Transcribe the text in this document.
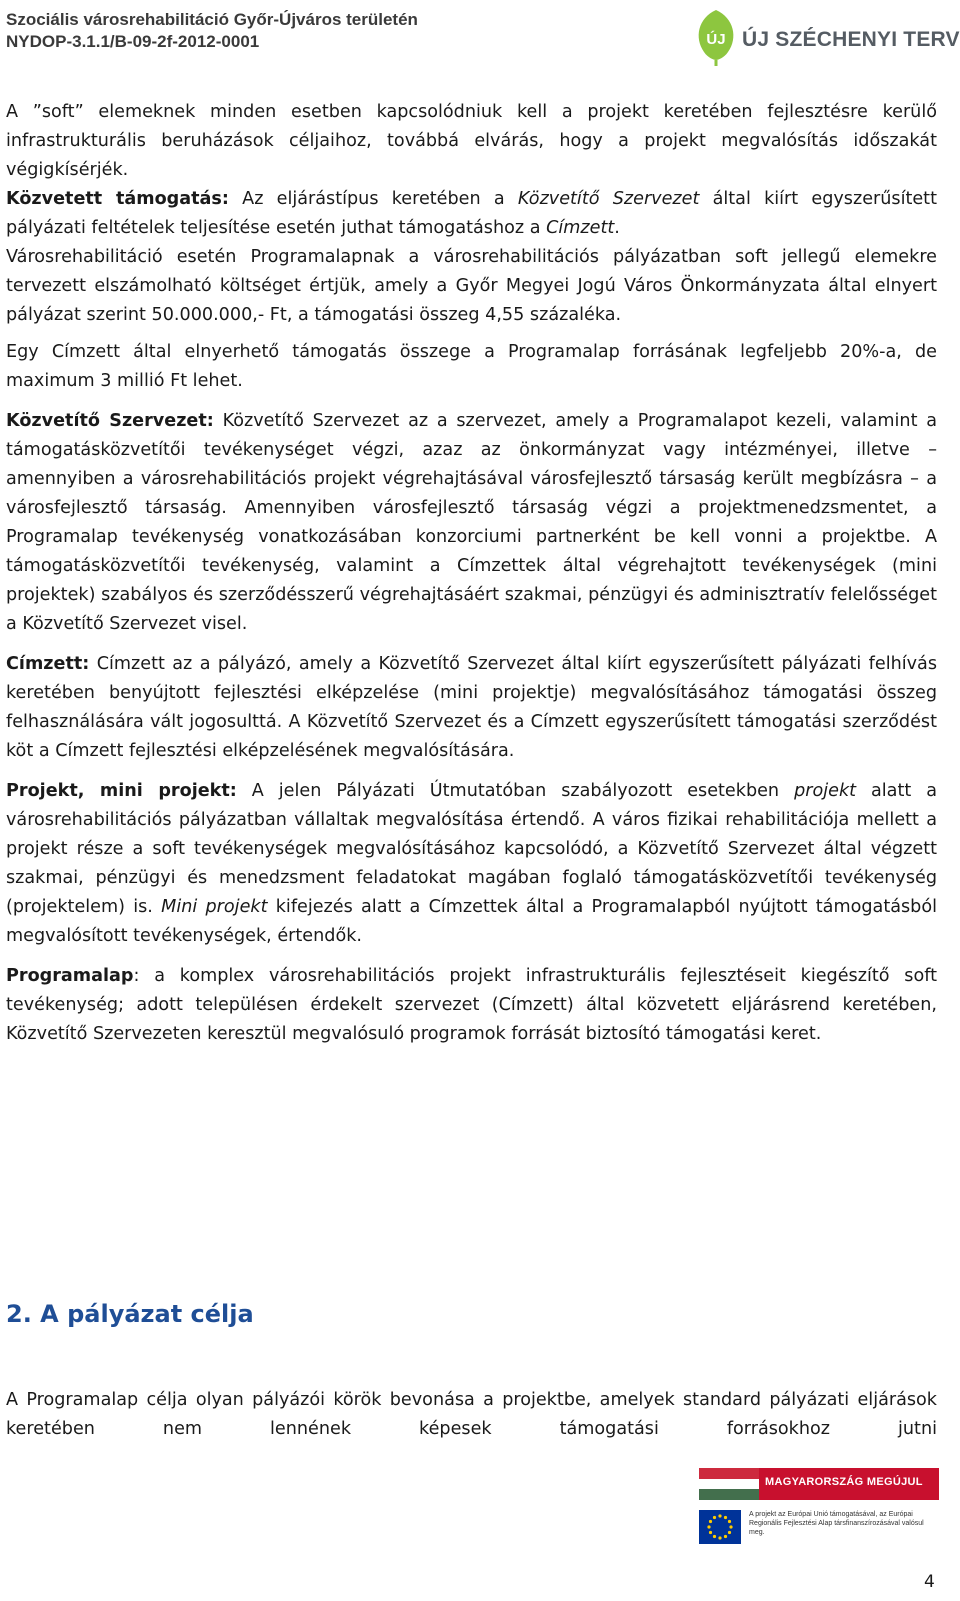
Szociális városrehabilitáció Győr-Újváros területén
NYDOP-3.1.1/B-09-2f-2012-0001	ÚJ ÚJ SZÉCHENYI TERV

A ”soft” elemeknek minden esetben kapcsolódniuk kell a projekt keretében fejlesztésre kerülő infrastrukturális beruházások céljaihoz, továbbá elvárás, hogy a projekt megvalósítás időszakát végigkísérjék.

Közvetett támogatás: Az eljárástípus keretében a Közvetítő Szervezet által kiírt egyszerűsített pályázati feltételek teljesítése esetén juthat támogatáshoz a Címzett.

Városrehabilitáció esetén Programalapnak a városrehabilitációs pályázatban soft jellegű elemekre tervezett elszámolható költséget értjük, amely a Győr Megyei Jogú Város Önkormányzata által elnyert pályázat szerint 50.000.000,- Ft, a támogatási összeg 4,55 százaléka.

Egy Címzett által elnyerhető támogatás összege a Programalap forrásának legfeljebb 20%-a, de maximum 3 millió Ft lehet.

Közvetítő Szervezet: Közvetítő Szervezet az a szervezet, amely a Programalapot kezeli, valamint a támogatásközvetítői tevékenységet végzi, azaz az önkormányzat vagy intézményei, illetve – amennyiben a városrehabilitációs projekt végrehajtásával városfejlesztő társaság került megbízásra – a városfejlesztő társaság. Amennyiben városfejlesztő társaság végzi a projektmenedzsmentet, a Programalap tevékenység vonatkozásában konzorciumi partnerként be kell vonni a projektbe. A támogatásközvetítői tevékenység, valamint a Címzettek által végrehajtott tevékenységek (mini projektek) szabályos és szerződésszerű végrehajtásáért szakmai, pénzügyi és adminisztratív felelősséget a Közvetítő Szervezet visel.

Címzett: Címzett az a pályázó, amely a Közvetítő Szervezet által kiírt egyszerűsített pályázati felhívás keretében benyújtott fejlesztési elképzelése (mini projektje) megvalósításához támogatási összeg felhasználására vált jogosulttá. A Közvetítő Szervezet és a Címzett egyszerűsített támogatási szerződést köt a Címzett fejlesztési elképzelésének megvalósítására.

Projekt, mini projekt: A jelen Pályázati Útmutatóban szabályozott esetekben projekt alatt a városrehabilitációs pályázatban vállaltak megvalósítása értendő. A város fizikai rehabilitációja mellett a projekt része a soft tevékenységek megvalósításához kapcsolódó, a Közvetítő Szervezet által végzett szakmai, pénzügyi és menedzsment feladatokat magában foglaló támogatásközvetítői tevékenység (projektelem) is. Mini projekt kifejezés alatt a Címzettek által a Programalapból nyújtott támogatásból megvalósított tevékenységek, értendők.

Programalap: a komplex városrehabilitációs projekt infrastrukturális fejlesztéseit kiegészítő soft tevékenység; adott településen érdekelt szervezet (Címzett) által közvetett eljárásrend keretében, Közvetítő Szervezeten keresztül megvalósuló programok forrását biztosító támogatási keret.

2. A pályázat célja

A Programalap célja olyan pályázói körök bevonása a projektbe, amelyek standard pályázati eljárások keretében nem lennének képesek támogatási forrásokhoz jutni

MAGYARORSZÁG MEGÚJUL
A projekt az Európai Unió támogatásával, az Európai Regionális Fejlesztési Alap társfinanszírozásával valósul meg.
4
